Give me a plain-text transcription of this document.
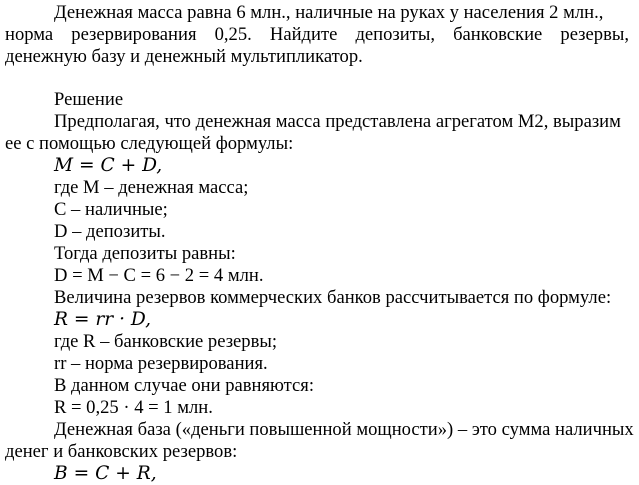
Денежная масса равна 6 млн., наличные на руках у населения 2 млн.,
норма резервирования 0,25. Найдите депозиты, банковские резервы,
денежную базу и денежный мультипликатор.
Решение
Предполагая, что денежная масса представлена агрегатом М2, выразим
ее с помощью следующей формулы:
M = C + D,
где M – денежная масса;
C – наличные;
D – депозиты.
Тогда депозиты равны:
D = M − C = 6 − 2 = 4 млн.
Величина резервов коммерческих банков рассчитывается по формуле:
R = rr · D,
где R – банковские резервы;
rr – норма резервирования.
В данном случае они равняются:
R = 0,25 · 4 = 1 млн.
Денежная база («деньги повышенной мощности») – это сумма наличных
денег и банковских резервов:
B = C + R,
